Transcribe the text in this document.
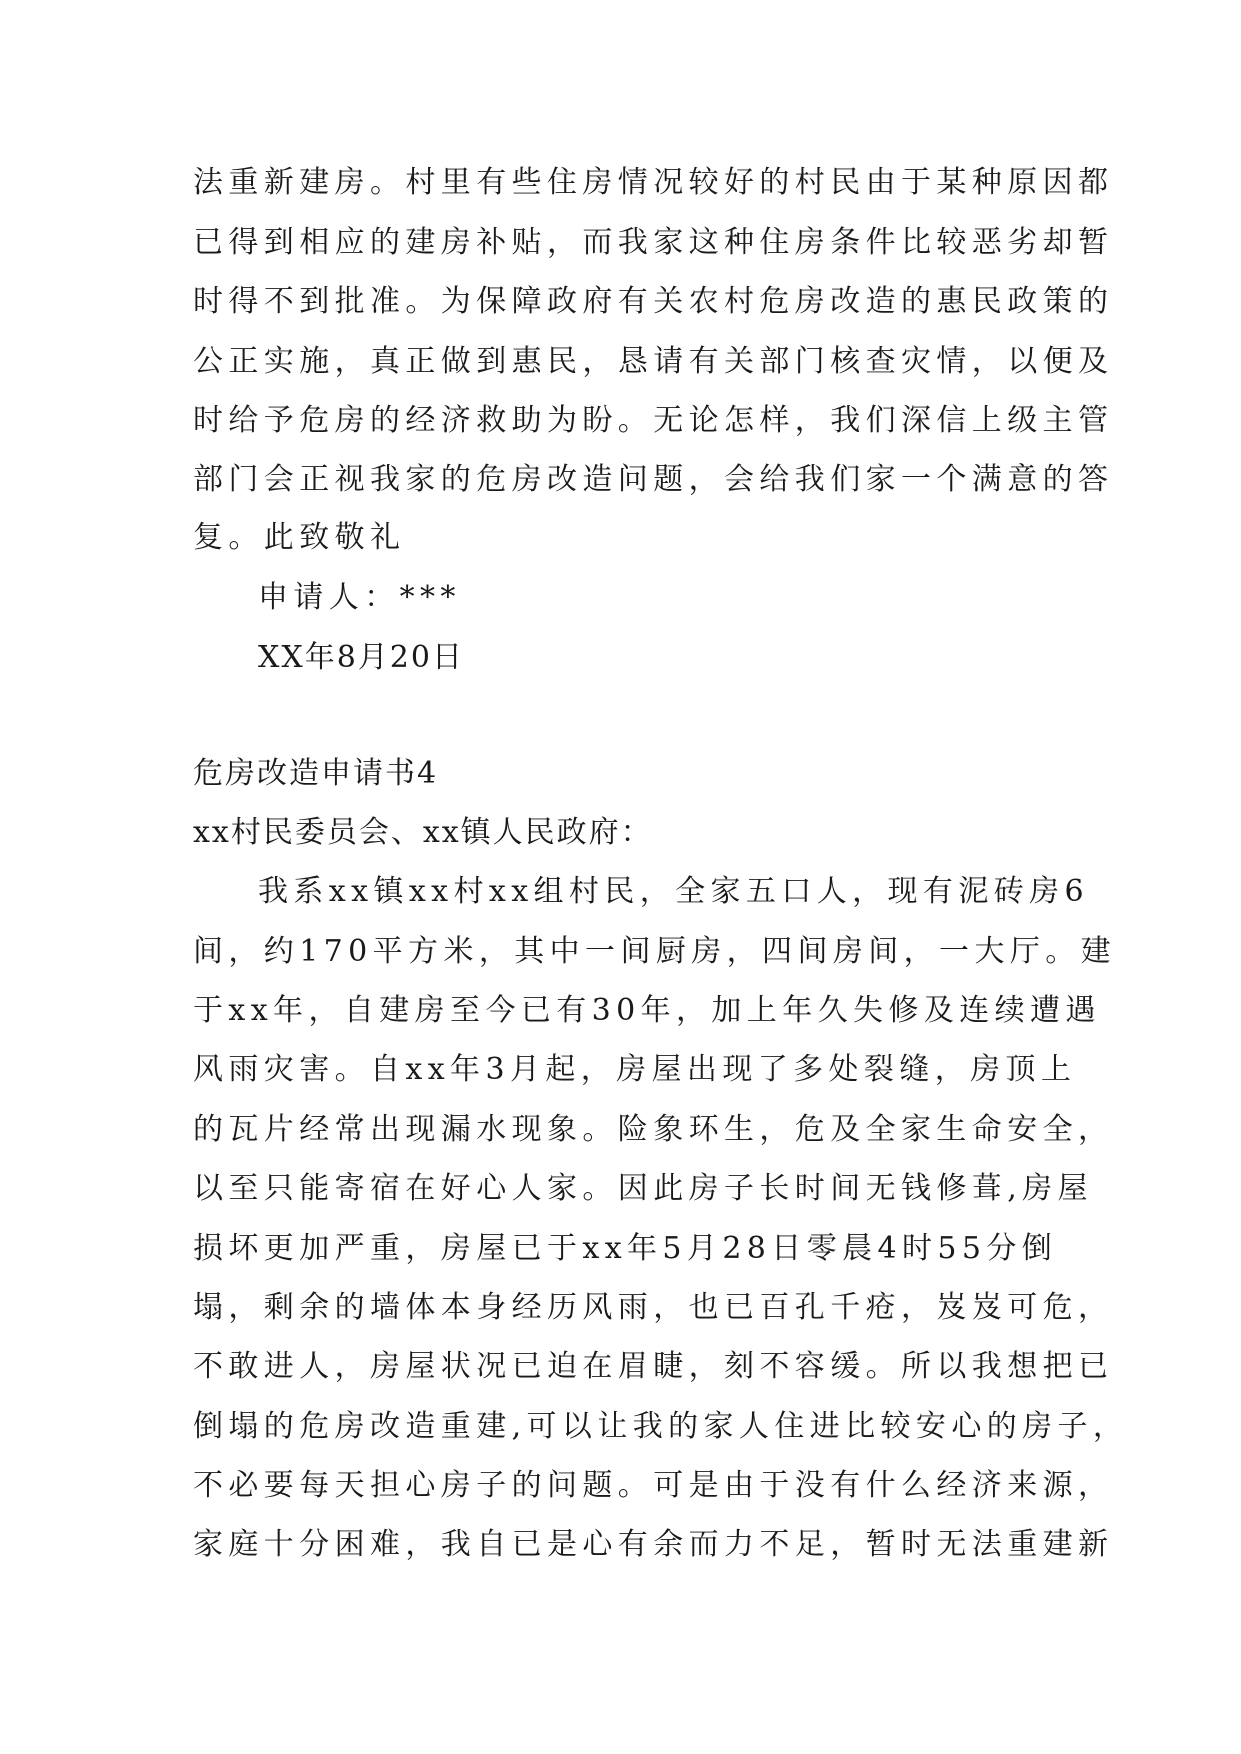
法重新建房。村里有些住房情况较好的村民由于某种原因都
已得到相应的建房补贴，而我家这种住房条件比较恶劣却暂
时得不到批准。为保障政府有关农村危房改造的惠民政策的
公正实施，真正做到惠民，恳请有关部门核查灾情，以便及
时给予危房的经济救助为盼。无论怎样，我们深信上级主管
部门会正视我家的危房改造问题，会给我们家一个满意的答
复。此致敬礼
申请人：***
XX年8月20日
危房改造申请书4
xx村民委员会、xx镇人民政府：
我系xx镇xx村xx组村民，全家五口人，现有泥砖房6
间，约170平方米，其中一间厨房，四间房间，一大厅。建
于xx年，自建房至今已有30年，加上年久失修及连续遭遇
风雨灾害。自xx年3月起，房屋出现了多处裂缝，房顶上
的瓦片经常出现漏水现象。险象环生，危及全家生命安全，
以至只能寄宿在好心人家。因此房子长时间无钱修葺,房屋
损坏更加严重，房屋已于xx年5月28日零晨4时55分倒
塌，剩余的墙体本身经历风雨，也已百孔千疮，岌岌可危，
不敢进人，房屋状况已迫在眉睫，刻不容缓。所以我想把已
倒塌的危房改造重建,可以让我的家人住进比较安心的房子，
不必要每天担心房子的问题。可是由于没有什么经济来源，
家庭十分困难，我自已是心有余而力不足，暂时无法重建新
